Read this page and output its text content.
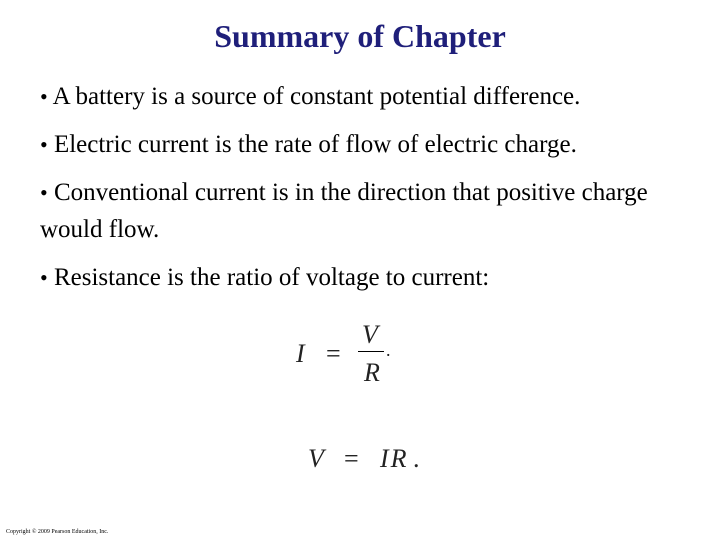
Summary of Chapter
• A battery is a source of constant potential difference.
• Electric current is the rate of flow of electric charge.
• Conventional current is in the direction that positive charge would flow.
• Resistance is the ratio of voltage to current:
I =
V
R
.
V = IR .
Copyright © 2009 Pearson Education, Inc.
